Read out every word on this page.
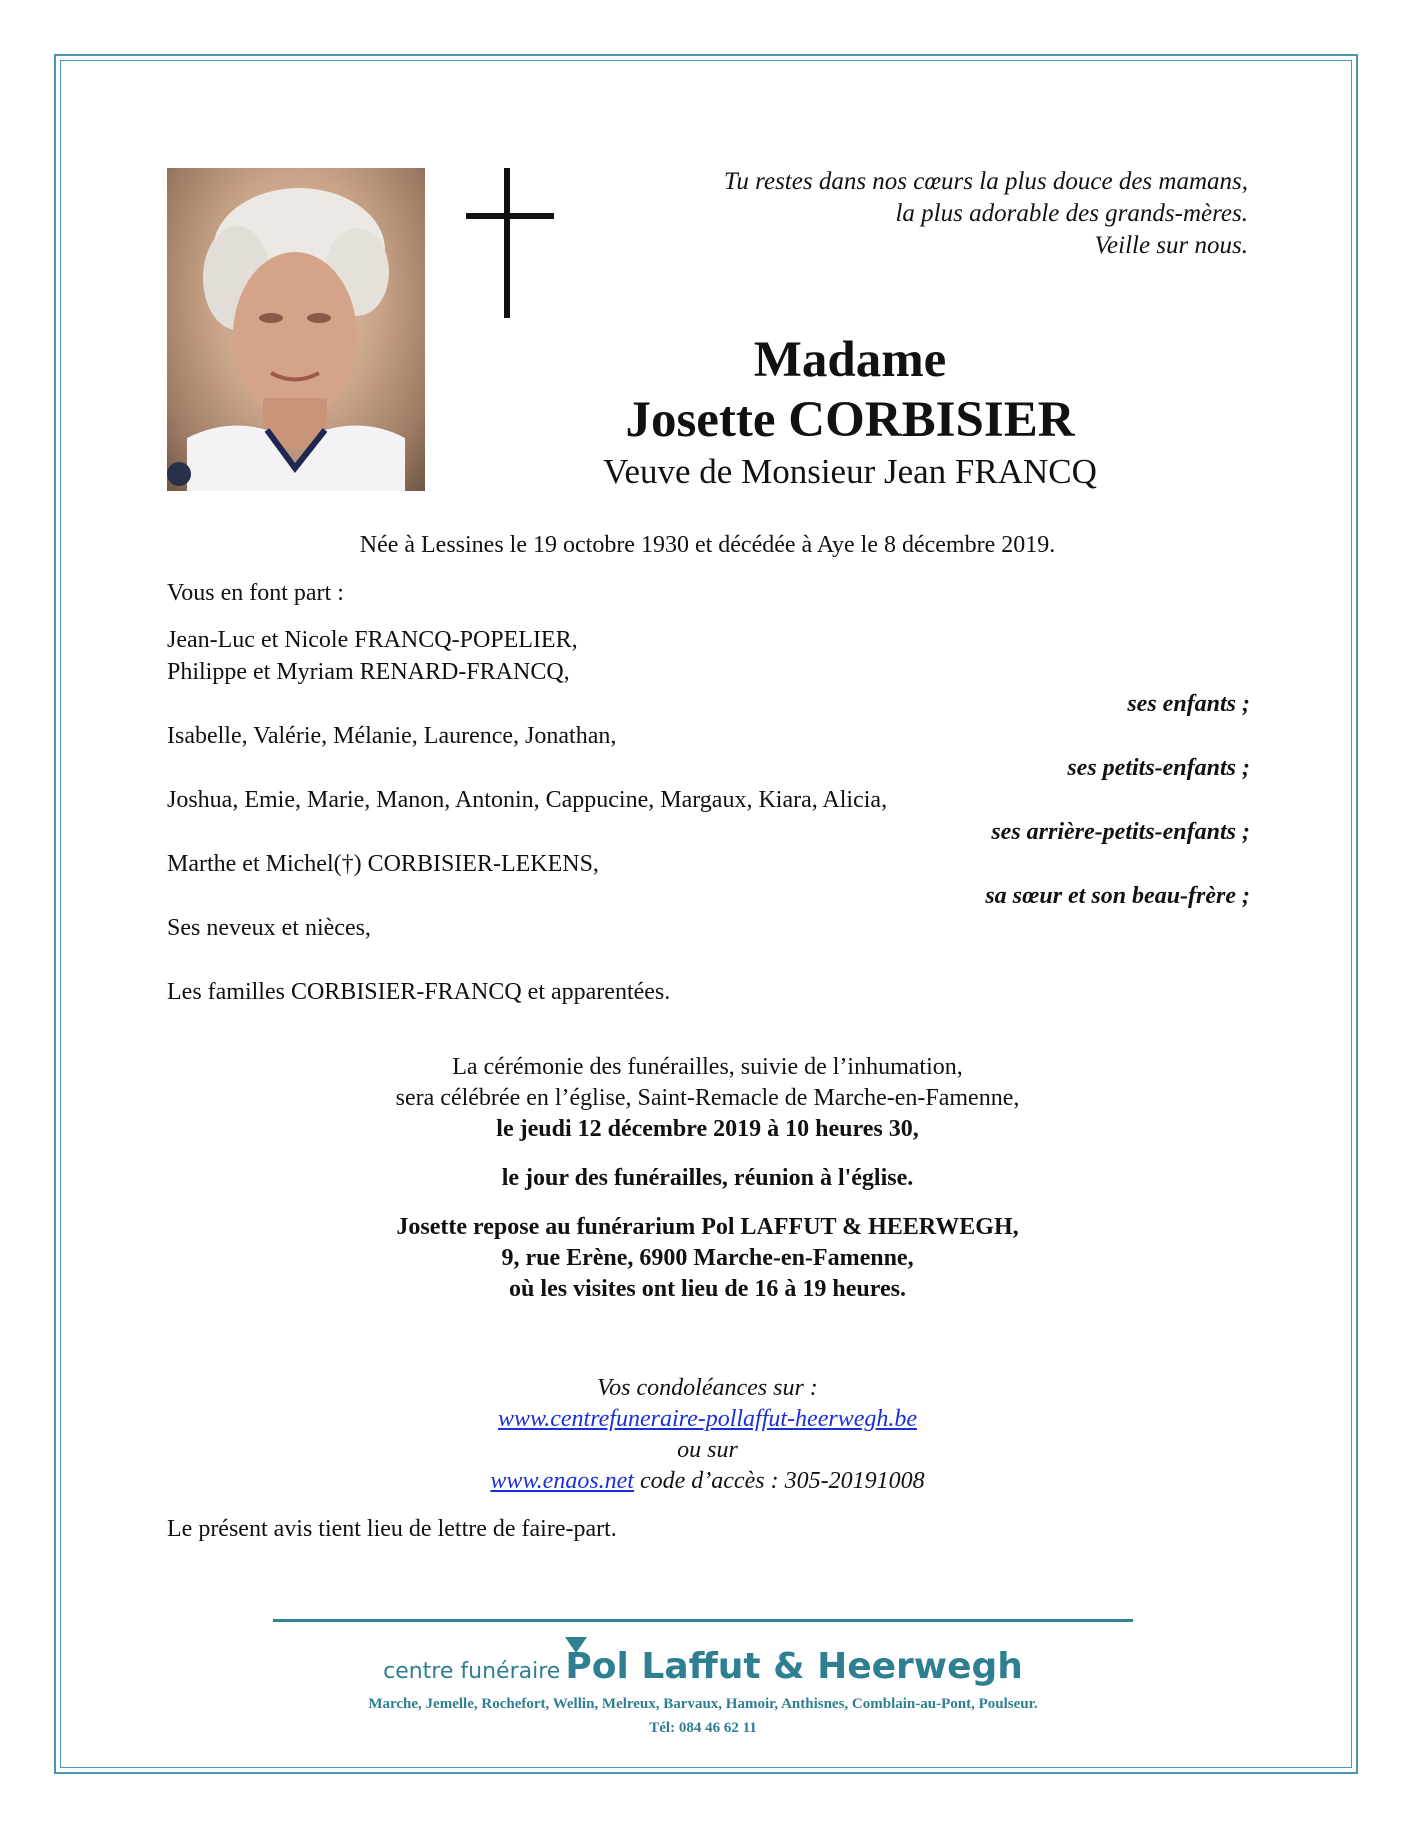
Tu restes dans nos cœurs la plus douce des mamans,
la plus adorable des grands-mères.
Veille sur nous.
Madame
Josette CORBISIER
Veuve de Monsieur Jean FRANCQ
Née à Lessines le 19 octobre 1930 et décédée à Aye le 8 décembre 2019.
Vous en font part :
Jean-Luc et Nicole FRANCQ-POPELIER,
Philippe et Myriam RENARD-FRANCQ,
ses enfants ;
Isabelle, Valérie, Mélanie, Laurence, Jonathan,
ses petits-enfants ;
Joshua, Emie, Marie, Manon, Antonin, Cappucine, Margaux, Kiara, Alicia,
ses arrière-petits-enfants ;
Marthe et Michel(†) CORBISIER-LEKENS,
sa sœur et son beau-frère ;
Ses neveux et nièces,
Les familles CORBISIER-FRANCQ et apparentées.
La cérémonie des funérailles, suivie de l’inhumation,
sera célébrée en l’église, Saint-Remacle de Marche-en-Famenne,
le jeudi 12 décembre 2019 à 10 heures 30,
le jour des funérailles, réunion à l'église.
Josette repose au funérarium Pol LAFFUT & HEERWEGH,
9, rue Erène, 6900 Marche-en-Famenne,
où les visites ont lieu de 16 à 19 heures.
Vos condoléances sur :
www.centrefuneraire-pollaffut-heerwegh.be
ou sur
www.enaos.net code d’accès : 305-20191008
Le présent avis tient lieu de lettre de faire-part.
centre funéraire Pol Laffut & Heerwegh
Marche, Jemelle, Rochefort, Wellin, Melreux, Barvaux, Hamoir, Anthisnes, Comblain-au-Pont, Poulseur.
Tél: 084 46 62 11
